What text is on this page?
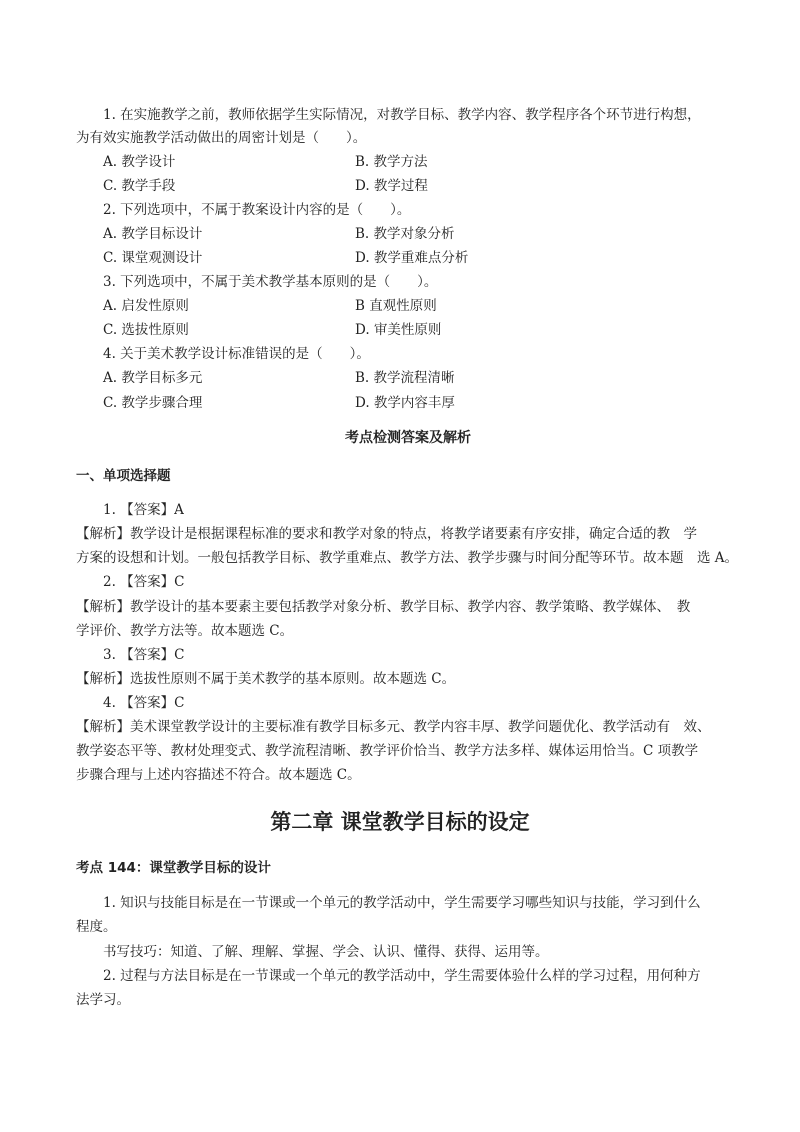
1. 在实施教学之前，教师依据学生实际情况，对教学目标、教学内容、教学程序各个环节进行构想，
为有效实施教学活动做出的周密计划是（　　）。
A. 教学设计	B. 教学方法
C. 教学手段	D. 教学过程
2. 下列选项中，不属于教案设计内容的是（　　）。
A. 教学目标设计	B. 教学对象分析
C. 课堂观测设计	D. 教学重难点分析
3. 下列选项中，不属于美术教学基本原则的是（　　）。
A. 启发性原则	B 直观性原则
C. 选拔性原则	D. 审美性原则
4. 关于美术教学设计标准错误的是（　　）。
A. 教学目标多元	B. 教学流程清晰
C. 教学步骤合理	D. 教学内容丰厚
考点检测答案及解析
一、单项选择题
1. 【答案】A
【解析】教学设计是根据课程标准的要求和教学对象的特点，将教学诸要素有序安排，确定合适的教　学
方案的设想和计划。一般包括教学目标、教学重难点、教学方法、教学步骤与时间分配等环节。故本题　选 A。
2. 【答案】C
【解析】教学设计的基本要素主要包括教学对象分析、教学目标、教学内容、教学策略、教学媒体、　教
学评价、教学方法等。故本题选 C。
3. 【答案】C
【解析】选拔性原则不属于美术教学的基本原则。故本题选 C。
4. 【答案】C
【解析】美术课堂教学设计的主要标准有教学目标多元、教学内容丰厚、教学问题优化、教学活动有　效、
教学姿态平等、教材处理变式、教学流程清晰、教学评价恰当、教学方法多样、媒体运用恰当。C 项教学
步骤合理与上述内容描述不符合。故本题选 C。
第二章 课堂教学目标的设定
考点 144：课堂教学目标的设计
1. 知识与技能目标是在一节课或一个单元的教学活动中，学生需要学习哪些知识与技能，学习到什么
程度。
书写技巧：知道、了解、理解、掌握、学会、认识、懂得、获得、运用等。
2. 过程与方法目标是在一节课或一个单元的教学活动中，学生需要体验什么样的学习过程，用何种方
法学习。
